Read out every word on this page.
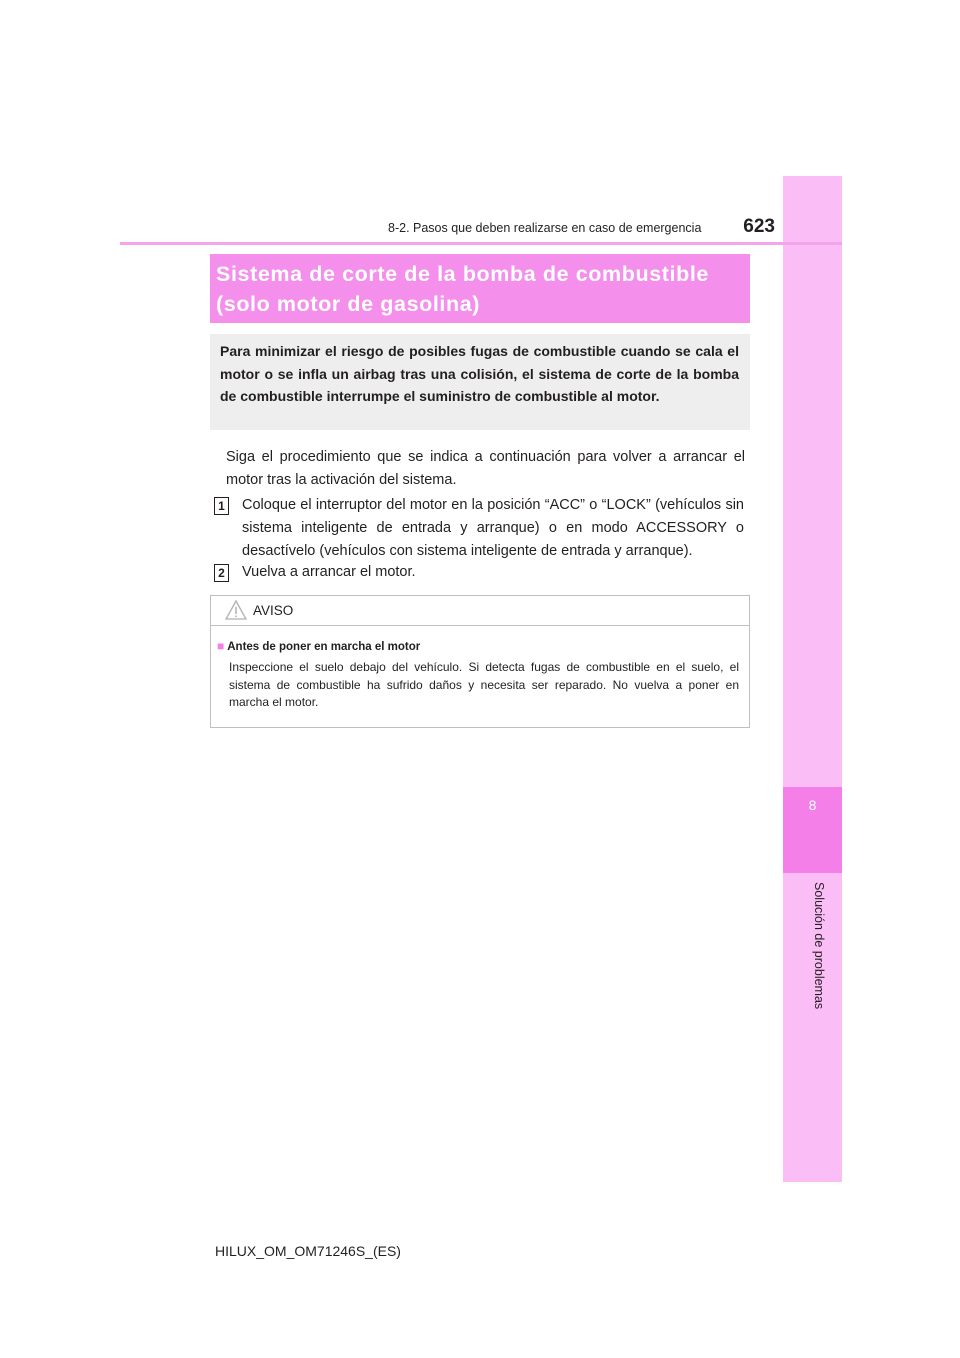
8
Solución de problemas
8-2. Pasos que deben realizarse en caso de emergencia	623
Sistema de corte de la bomba de combustible (solo motor de gasolina)
Para minimizar el riesgo de posibles fugas de combustible cuando se cala el motor o se infla un airbag tras una colisión, el sistema de corte de la bomba de combustible interrumpe el suministro de combustible al motor.
Siga el procedimiento que se indica a continuación para volver a arrancar el motor tras la activación del sistema.
1 Coloque el interruptor del motor en la posición “ACC” o “LOCK” (vehículos sin sistema inteligente de entrada y arranque) o en modo ACCESSORY o desactívelo (vehículos con sistema inteligente de entrada y arranque).
2 Vuelva a arrancar el motor.
AVISO
■ Antes de poner en marcha el motor
Inspeccione el suelo debajo del vehículo. Si detecta fugas de combustible en el suelo, el sistema de combustible ha sufrido daños y necesita ser reparado. No vuelva a poner en marcha el motor.
HILUX_OM_OM71246S_(ES)
